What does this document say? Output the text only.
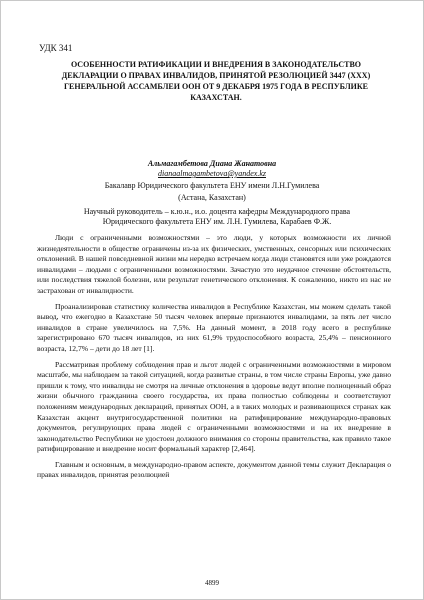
УДК 341
ОСОБЕННОСТИ РАТИФИКАЦИИ И ВНЕДРЕНИЯ В ЗАКОНОДАТЕЛЬСТВО ДЕКЛАРАЦИИ О ПРАВАХ ИНВАЛИДОВ, ПРИНЯТОЙ РЕЗОЛЮЦИЕЙ 3447 (XXX) ГЕНЕРАЛЬНОЙ АССАМБЛЕИ ООН ОТ 9 ДЕКАБРЯ 1975 ГОДА В РЕСПУБЛИКЕ КАЗАХСТАН.
Альмагамбетова Диана Жанатовна
dianaalmagambetova@yandex.kz
Бакалавр Юридического факультета ЕНУ имени Л.Н.Гумилева
(Астана, Казахстан)
Научный руководитель – к.ю.н., и.о. доцента кафедры Международного права Юридического факультета ЕНУ им. Л.Н. Гумилева, Карабаев Ф.Ж.

Люди с ограниченными возможностями – это люди, у которых возможности их личной жизнедеятельности в обществе ограничены из-за их физических, умственных, сенсорных или психических отклонений. В нашей повседневной жизни мы нередко встречаем когда люди становятся или уже рождаются инвалидами – людьми с ограниченными возможностями. Зачастую это неудачное стечение обстоятельств, или последствия тяжелой болезни, или результат генетического отклонения. К сожалению, никто из нас не застрахован от инвалидности.

Проанализировав статистику количества инвалидов в Республике Казахстан, мы можем сделать такой вывод, что ежегодно в Казахстане 50 тысяч человек впервые признаются инвалидами, за пять лет число инвалидов в стране увеличилось на 7,5%. На данный момент, в 2018 году всего в республике зарегистрировано 670 тысяч инвалидов, из них 61,9% трудоспособного возраста, 25,4% – пенсионного возраста, 12,7% – дети до 18 лет [1].

Рассматривая проблему соблюдения прав и льгот людей с ограниченными возможностями в мировом масштабе, мы наблюдаем за такой ситуацией, когда развитые страны, в том числе страны Европы, уже давно пришли к тому, что инвалиды не смотря на личные отклонения в здоровье ведут вполне полноценный образ жизни обычного гражданина своего государства, их права полностью соблюдены и соответствуют положениям международных деклараций, принятых ООН, а в таких молодых и развивающихся странах как Казахстан акцент внутригосударственной политики на ратифицирование международно-правовых документов, регулирующих права людей с ограниченными возможностями и на их внедрение в законодательство Республики не удостоен должного внимания со стороны правительства, как правило такое ратифицирование и внедрение носит формальный характер [2,464].

Главным и основным, в международно-правом аспекте, документом данной темы служит Декларация о правах инвалидов, принятая резолюцией

4899
